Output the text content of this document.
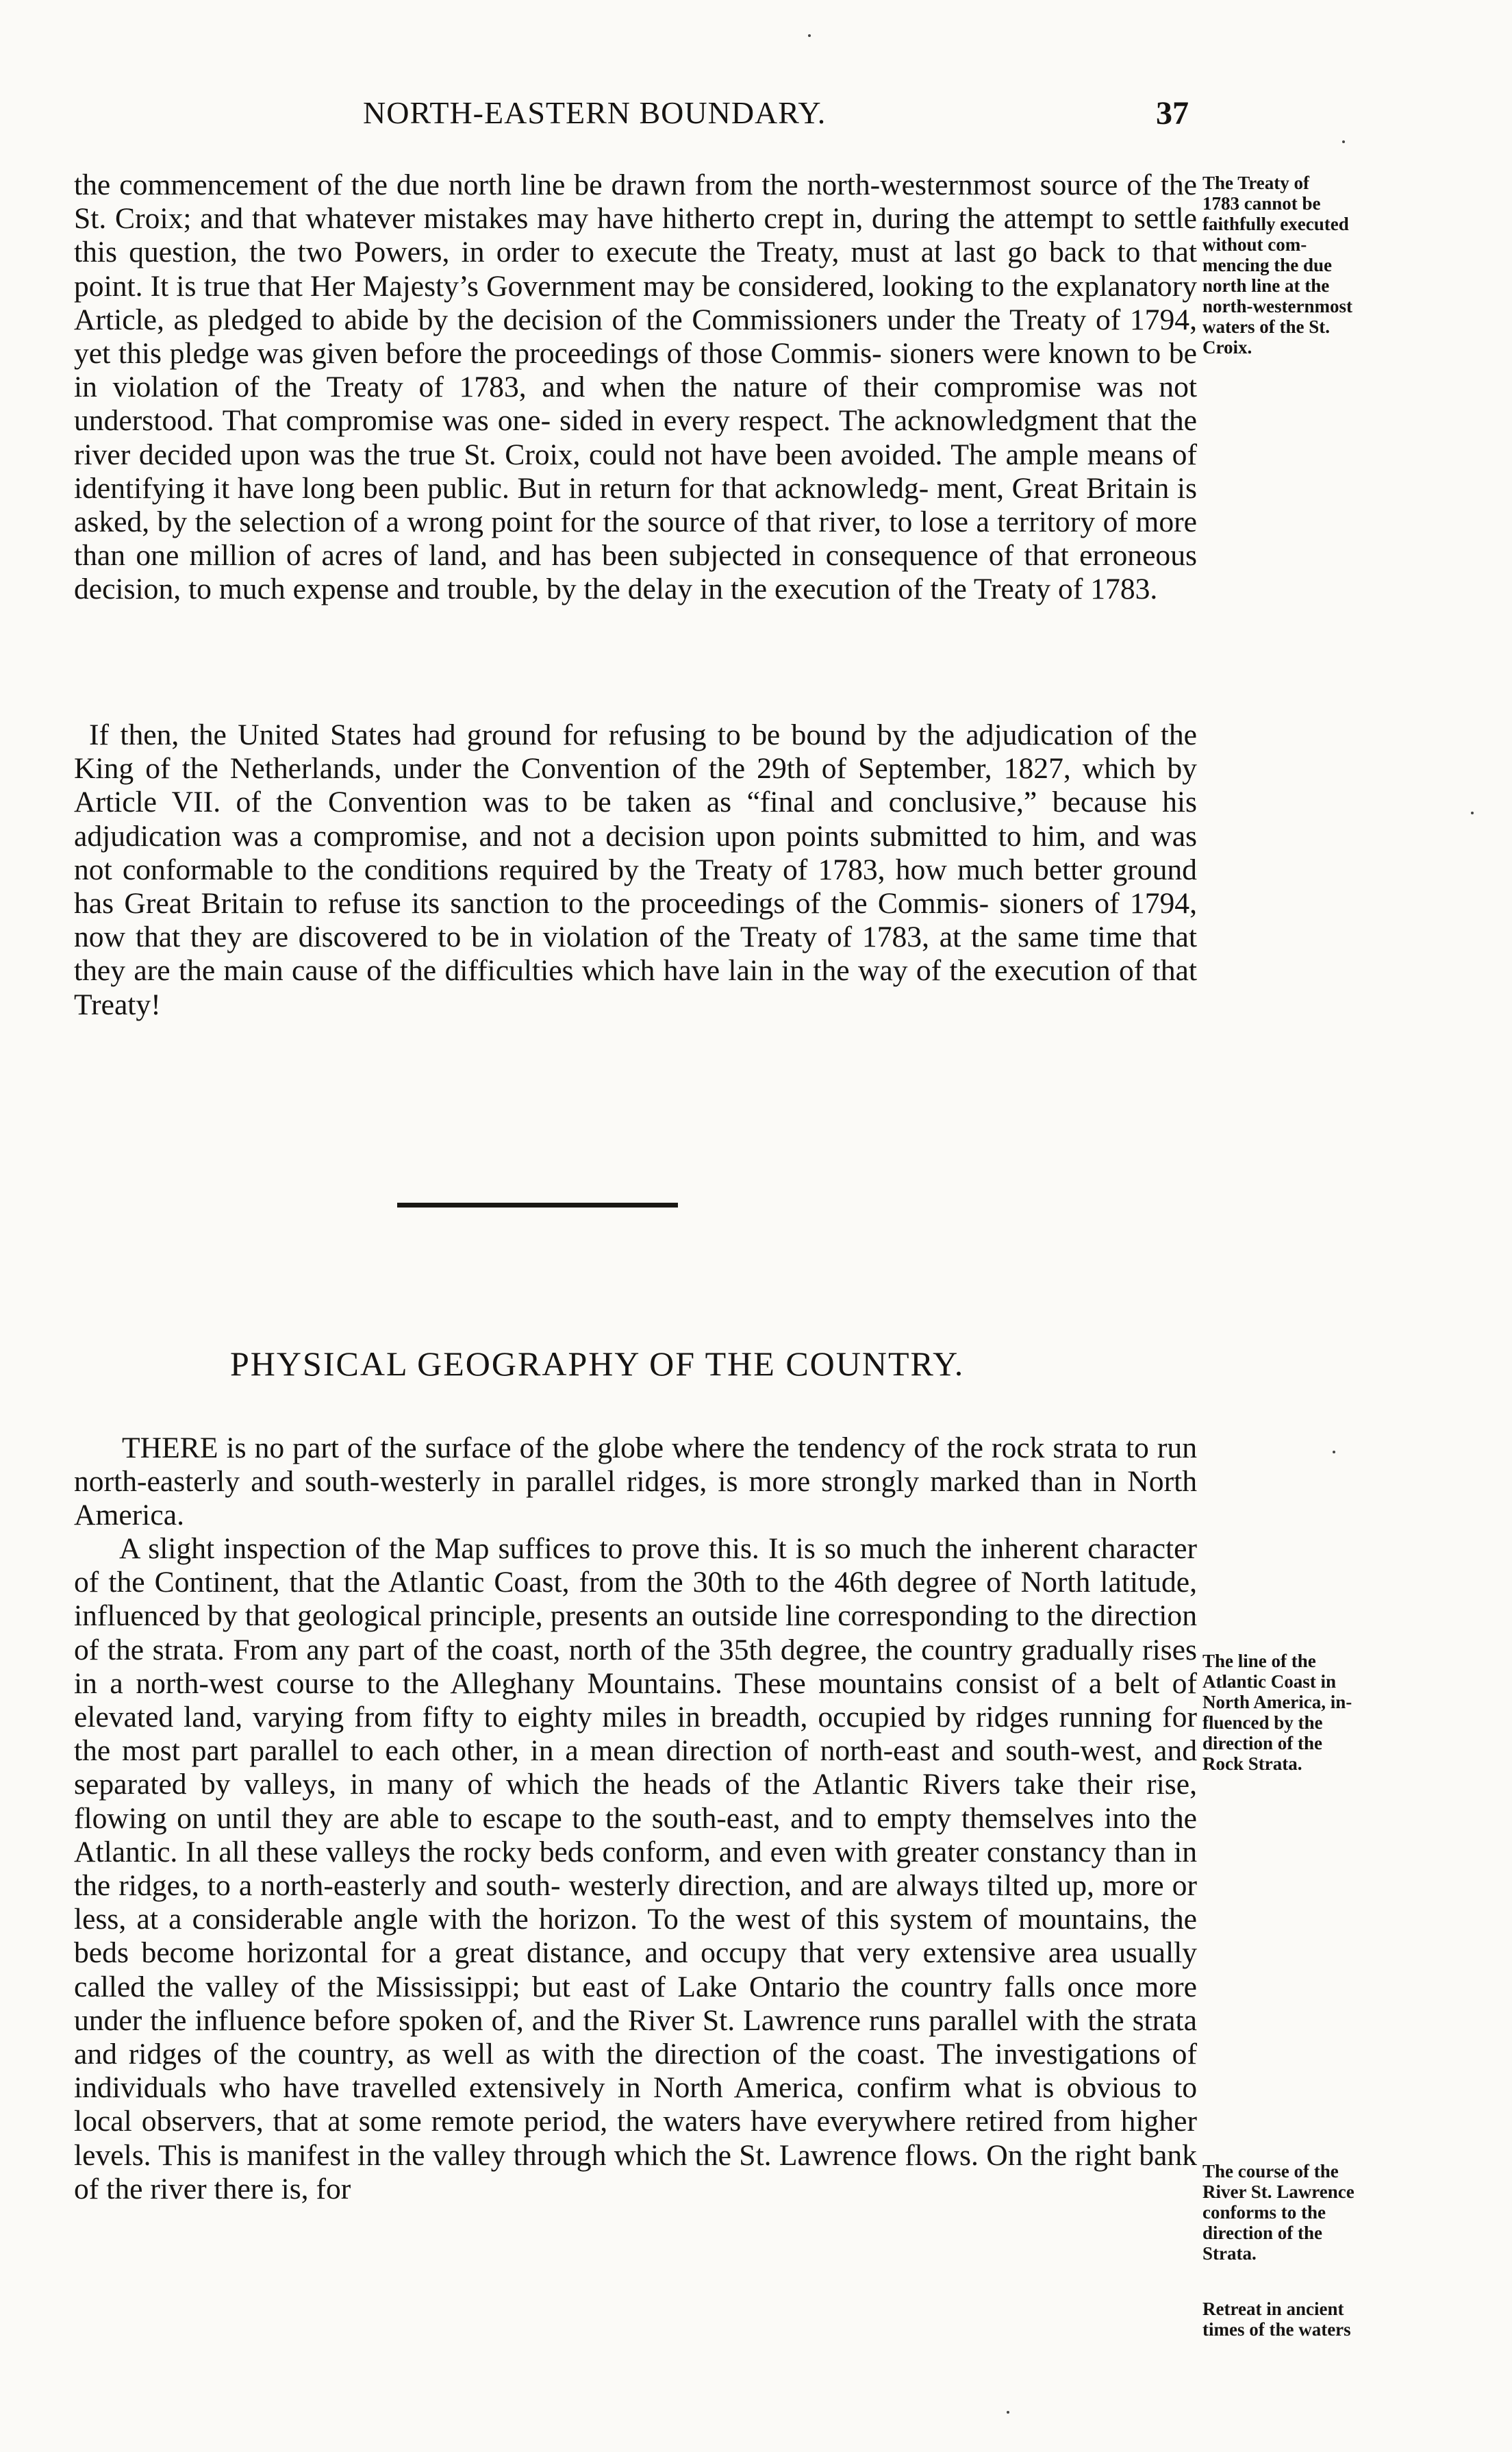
NORTH-EASTERN BOUNDARY.	37

the commencement of the due north line be drawn from the north-westernmost source of the St. Croix; and that whatever mistakes may have hitherto crept in, during the attempt to settle this question, the two Powers, in order to execute the Treaty, must at last go back to that point. It is true that Her Majesty’s Government may be considered, looking to the explanatory Article, as pledged to abide by the decision of the Commissioners under the Treaty of 1794, yet this pledge was given before the proceedings of those Commis- sioners were known to be in violation of the Treaty of 1783, and when the nature of their compromise was not understood. That compromise was one- sided in every respect. The acknowledgment that the river decided upon was the true St. Croix, could not have been avoided. The ample means of identifying it have long been public. But in return for that acknowledg- ment, Great Britain is asked, by the selection of a wrong point for the source of that river, to lose a territory of more than one million of acres of land, and has been subjected in consequence of that erroneous decision, to much expense and trouble, by the delay in the execution of the Treaty of 1783.

If then, the United States had ground for refusing to be bound by the adjudication of the King of the Netherlands, under the Convention of the 29th of September, 1827, which by Article VII. of the Convention was to be taken as “final and conclusive,” because his adjudication was a compromise, and not a decision upon points submitted to him, and was not conformable to the conditions required by the Treaty of 1783, how much better ground has Great Britain to refuse its sanction to the proceedings of the Commis- sioners of 1794, now that they are discovered to be in violation of the Treaty of 1783, at the same time that they are the main cause of the difficulties which have lain in the way of the execution of that Treaty!

PHYSICAL GEOGRAPHY OF THE COUNTRY.

THERE is no part of the surface of the globe where the tendency of the rock strata to run north-easterly and south-westerly in parallel ridges, is more strongly marked than in North America.

A slight inspection of the Map suffices to prove this. It is so much the inherent character of the Continent, that the Atlantic Coast, from the 30th to the 46th degree of North latitude, influenced by that geological principle, presents an outside line corresponding to the direction of the strata. From any part of the coast, north of the 35th degree, the country gradually rises in a north-west course to the Alleghany Mountains. These mountains consist of a belt of elevated land, varying from fifty to eighty miles in breadth, occupied by ridges running for the most part parallel to each other, in a mean direction of north-east and south-west, and separated by valleys, in many of which the heads of the Atlantic Rivers take their rise, flowing on until they are able to escape to the south-east, and to empty themselves into the Atlantic. In all these valleys the rocky beds conform, and even with greater constancy than in the ridges, to a north-easterly and south- westerly direction, and are always tilted up, more or less, at a considerable angle with the horizon. To the west of this system of mountains, the beds become horizontal for a great distance, and occupy that very extensive area usually called the valley of the Mississippi; but east of Lake Ontario the country falls once more under the influence before spoken of, and the River St. Lawrence runs parallel with the strata and ridges of the country, as well as with the direction of the coast. The investigations of individuals who have travelled extensively in North America, confirm what is obvious to local observers, that at some remote period, the waters have everywhere retired from higher levels. This is manifest in the valley through which the St. Lawrence flows. On the right bank of the river there is, for

The Treaty of
1783 cannot be
faithfully executed
without com-
mencing the due
north line at the
north-westernmost
waters of the St.
Croix.
The line of the
Atlantic Coast in
North America, in-
fluenced by the
direction of the
Rock Strata.
The course of the
River St. Lawrence
conforms to the
direction of the
Strata.
Retreat in ancient
times of the waters
